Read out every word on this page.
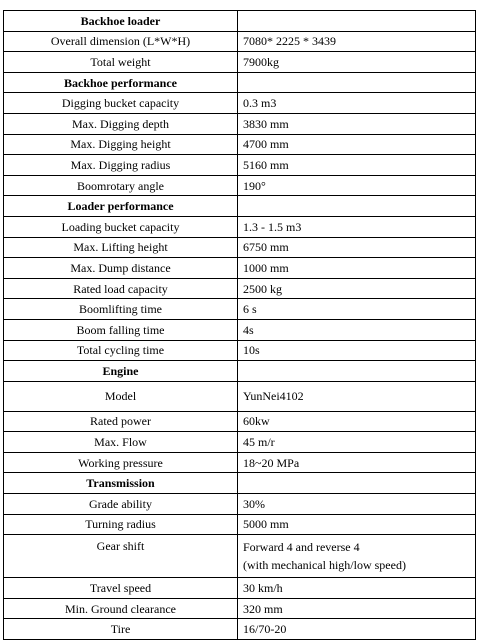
Backhoe loader	
Overall dimension (L*W*H)	7080* 2225 * 3439
Total weight	7900kg
Backhoe performance	
Digging bucket capacity	0.3 m3
Max. Digging depth	3830 mm
Max. Digging height	4700 mm
Max. Digging radius	5160 mm
Boomrotary angle	190°
Loader performance	
Loading bucket capacity	1.3 - 1.5 m3
Max. Lifting height	6750 mm
Max. Dump distance	1000 mm
Rated load capacity	2500 kg
Boomlifting time	6 s
Boom falling time	4s
Total cycling time	10s
Engine	
Model	YunNei4102
Rated power	60kw
Max. Flow	45 m/r
Working pressure	18~20 MPa
Transmission	
Grade ability	30%
Turning radius	5000 mm
Gear shift	Forward 4 and reverse 4
(with mechanical high/low speed)

Travel speed	30 km/h
Min. Ground clearance	320 mm
Tire	16/70-20
